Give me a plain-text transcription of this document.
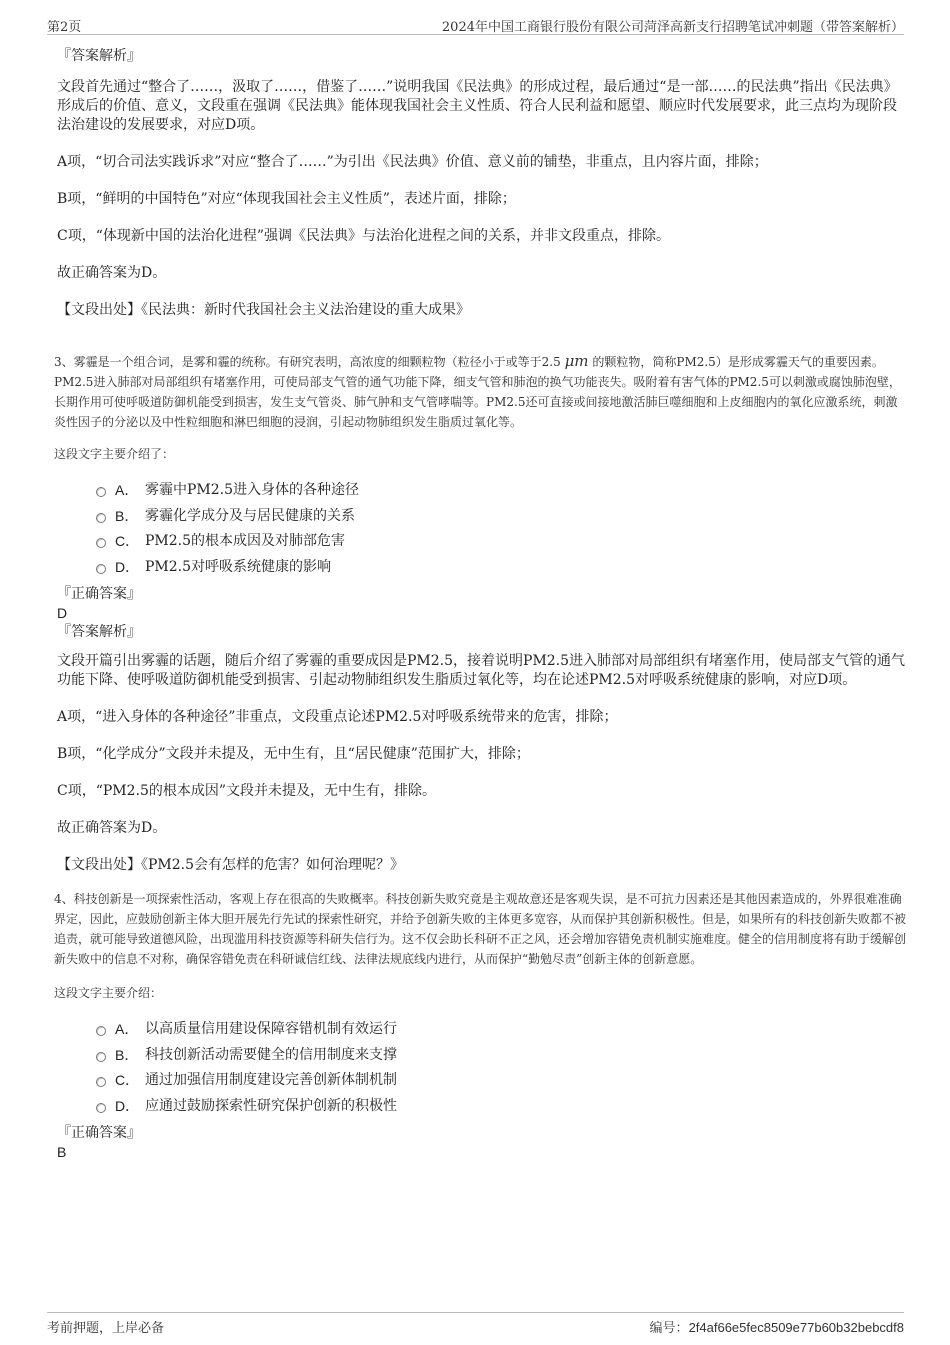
第2页	2024年中国工商银行股份有限公司菏泽高新支行招聘笔试冲刺题（带答案解析）
『答案解析』

文段首先通过“整合了……，汲取了……，借鉴了……”说明我国《民法典》的形成过程，最后通过“是一部……的民法典”指出《民法典》形成后的价值、意义，文段重在强调《民法典》能体现我国社会主义性质、符合人民利益和愿望、顺应时代发展要求，此三点均为现阶段法治建设的发展要求，对应D项。

A项，“切合司法实践诉求”对应“整合了……”为引出《民法典》价值、意义前的铺垫，非重点，且内容片面，排除；

B项，“鲜明的中国特色”对应“体现我国社会主义性质”，表述片面，排除；

C项，“体现新中国的法治化进程”强调《民法典》与法治化进程之间的关系，并非文段重点，排除。

故正确答案为D。

【文段出处】《民法典：新时代我国社会主义法治建设的重大成果》

3、雾霾是一个组合词，是雾和霾的统称。有研究表明，高浓度的细颗粒物（粒径小于或等于2.5 μm 的颗粒物，简称PM2.5）是形成雾霾天气的重要因素。PM2.5进入肺部对局部组织有堵塞作用，可使局部支气管的通气功能下降，细支气管和肺泡的换气功能丧失。吸附着有害气体的PM2.5可以刺激或腐蚀肺泡壁，长期作用可使呼吸道防御机能受到损害，发生支气管炎、肺气肿和支气管哮喘等。PM2.5还可直接或间接地激活肺巨噬细胞和上皮细胞内的氧化应激系统，刺激炎性因子的分泌以及中性粒细胞和淋巴细胞的浸润，引起动物肺组织发生脂质过氧化等。

这段文字主要介绍了：

A． 雾霾中PM2.5进入身体的各种途径
B． 雾霾化学成分及与居民健康的关系
C． PM2.5的根本成因及对肺部危害
D． PM2.5对呼吸系统健康的影响
『正确答案』
D
『答案解析』

文段开篇引出雾霾的话题，随后介绍了雾霾的重要成因是PM2.5，接着说明PM2.5进入肺部对局部组织有堵塞作用，使局部支气管的通气功能下降、使呼吸道防御机能受到损害、引起动物肺组织发生脂质过氧化等，均在论述PM2.5对呼吸系统健康的影响，对应D项。

A项，“进入身体的各种途径”非重点，文段重点论述PM2.5对呼吸系统带来的危害，排除；

B项，“化学成分”文段并未提及，无中生有，且“居民健康”范围扩大，排除；

C项，“PM2.5的根本成因”文段并未提及，无中生有，排除。

故正确答案为D。

【文段出处】《PM2.5会有怎样的危害？如何治理呢？》

4、科技创新是一项探索性活动，客观上存在很高的失败概率。科技创新失败究竟是主观故意还是客观失误，是不可抗力因素还是其他因素造成的，外界很难准确界定，因此，应鼓励创新主体大胆开展先行先试的探索性研究，并给予创新失败的主体更多宽容，从而保护其创新积极性。但是，如果所有的科技创新失败都不被追责，就可能导致道德风险，出现滥用科技资源等科研失信行为。这不仅会助长科研不正之风，还会增加容错免责机制实施难度。健全的信用制度将有助于缓解创新失败中的信息不对称，确保容错免责在科研诚信红线、法律法规底线内进行，从而保护“勤勉尽责”创新主体的创新意愿。

这段文字主要介绍：

A． 以高质量信用建设保障容错机制有效运行
B． 科技创新活动需要健全的信用制度来支撑
C． 通过加强信用制度建设完善创新体制机制
D． 应通过鼓励探索性研究保护创新的积极性
『正确答案』
B
考前押题，上岸必备	编号：2f4af66e5fec8509e77b60b32bebcdf8
